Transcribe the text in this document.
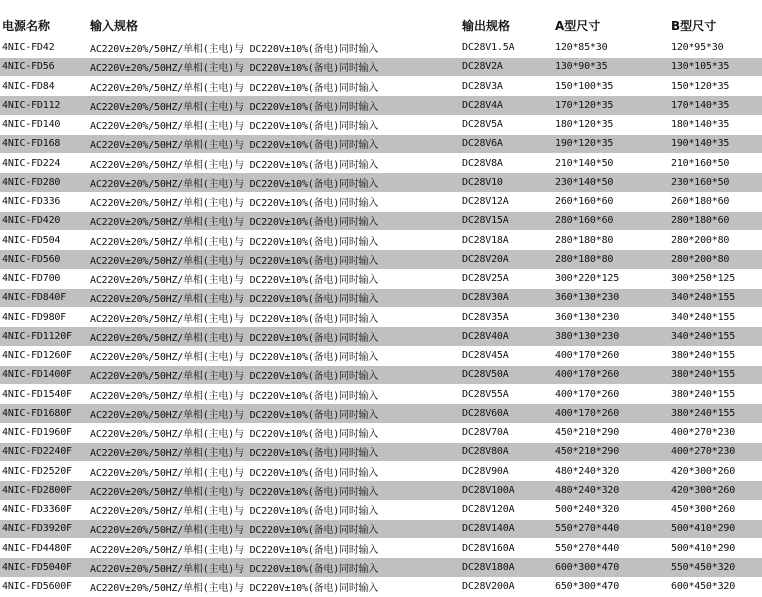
电源名称	输入规格	输出规格	A型尺寸	B型尺寸
4NIC-FD42	AC220V±20%/50HZ/单相(主电)与 DC220V±10%(备电)同时输入	DC28V1.5A	120*85*30	120*95*30
4NIC-FD56	AC220V±20%/50HZ/单相(主电)与 DC220V±10%(备电)同时输入	DC28V2A	130*90*35	130*105*35
4NIC-FD84	AC220V±20%/50HZ/单相(主电)与 DC220V±10%(备电)同时输入	DC28V3A	150*100*35	150*120*35
4NIC-FD112	AC220V±20%/50HZ/单相(主电)与 DC220V±10%(备电)同时输入	DC28V4A	170*120*35	170*140*35
4NIC-FD140	AC220V±20%/50HZ/单相(主电)与 DC220V±10%(备电)同时输入	DC28V5A	180*120*35	180*140*35
4NIC-FD168	AC220V±20%/50HZ/单相(主电)与 DC220V±10%(备电)同时输入	DC28V6A	190*120*35	190*140*35
4NIC-FD224	AC220V±20%/50HZ/单相(主电)与 DC220V±10%(备电)同时输入	DC28V8A	210*140*50	210*160*50
4NIC-FD280	AC220V±20%/50HZ/单相(主电)与 DC220V±10%(备电)同时输入	DC28V10	230*140*50	230*160*50
4NIC-FD336	AC220V±20%/50HZ/单相(主电)与 DC220V±10%(备电)同时输入	DC28V12A	260*160*60	260*180*60
4NIC-FD420	AC220V±20%/50HZ/单相(主电)与 DC220V±10%(备电)同时输入	DC28V15A	280*160*60	280*180*60
4NIC-FD504	AC220V±20%/50HZ/单相(主电)与 DC220V±10%(备电)同时输入	DC28V18A	280*180*80	280*200*80
4NIC-FD560	AC220V±20%/50HZ/单相(主电)与 DC220V±10%(备电)同时输入	DC28V20A	280*180*80	280*200*80
4NIC-FD700	AC220V±20%/50HZ/单相(主电)与 DC220V±10%(备电)同时输入	DC28V25A	300*220*125	300*250*125
4NIC-FD840F	AC220V±20%/50HZ/单相(主电)与 DC220V±10%(备电)同时输入	DC28V30A	360*130*230	340*240*155
4NIC-FD980F	AC220V±20%/50HZ/单相(主电)与 DC220V±10%(备电)同时输入	DC28V35A	360*130*230	340*240*155
4NIC-FD1120F	AC220V±20%/50HZ/单相(主电)与 DC220V±10%(备电)同时输入	DC28V40A	380*130*230	340*240*155
4NIC-FD1260F	AC220V±20%/50HZ/单相(主电)与 DC220V±10%(备电)同时输入	DC28V45A	400*170*260	380*240*155
4NIC-FD1400F	AC220V±20%/50HZ/单相(主电)与 DC220V±10%(备电)同时输入	DC28V50A	400*170*260	380*240*155
4NIC-FD1540F	AC220V±20%/50HZ/单相(主电)与 DC220V±10%(备电)同时输入	DC28V55A	400*170*260	380*240*155
4NIC-FD1680F	AC220V±20%/50HZ/单相(主电)与 DC220V±10%(备电)同时输入	DC28V60A	400*170*260	380*240*155
4NIC-FD1960F	AC220V±20%/50HZ/单相(主电)与 DC220V±10%(备电)同时输入	DC28V70A	450*210*290	400*270*230
4NIC-FD2240F	AC220V±20%/50HZ/单相(主电)与 DC220V±10%(备电)同时输入	DC28V80A	450*210*290	400*270*230
4NIC-FD2520F	AC220V±20%/50HZ/单相(主电)与 DC220V±10%(备电)同时输入	DC28V90A	480*240*320	420*300*260
4NIC-FD2800F	AC220V±20%/50HZ/单相(主电)与 DC220V±10%(备电)同时输入	DC28V100A	480*240*320	420*300*260
4NIC-FD3360F	AC220V±20%/50HZ/单相(主电)与 DC220V±10%(备电)同时输入	DC28V120A	500*240*320	450*300*260
4NIC-FD3920F	AC220V±20%/50HZ/单相(主电)与 DC220V±10%(备电)同时输入	DC28V140A	550*270*440	500*410*290
4NIC-FD4480F	AC220V±20%/50HZ/单相(主电)与 DC220V±10%(备电)同时输入	DC28V160A	550*270*440	500*410*290
4NIC-FD5040F	AC220V±20%/50HZ/单相(主电)与 DC220V±10%(备电)同时输入	DC28V180A	600*300*470	550*450*320
4NIC-FD5600F	AC220V±20%/50HZ/单相(主电)与 DC220V±10%(备电)同时输入	DC28V200A	650*300*470	600*450*320
